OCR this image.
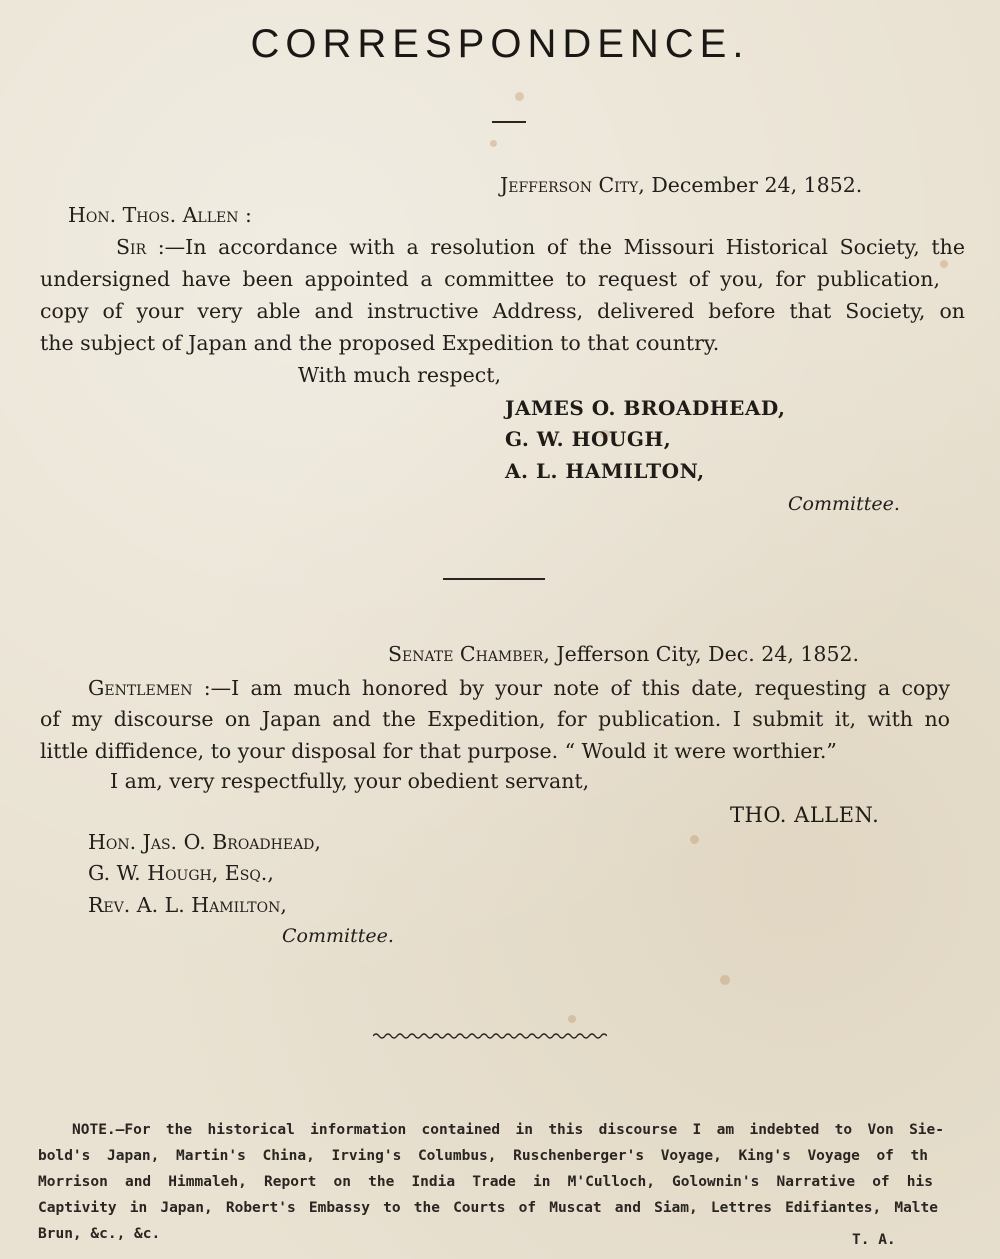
CORRESPONDENCE.
Jefferson City, December 24, 1852.
Hon. Thos. Allen :
Sir :—In accordance with a resolution of the Missouri Historical Society, the
undersigned have been appointed a committee to request of you, for publication,
copy of your very able and instructive Address, delivered before that Society, on
the subject of Japan and the proposed Expedition to that country.
With much respect,
JAMES O. BROADHEAD,
G. W. HOUGH,
A. L. HAMILTON,
Committee.
Senate Chamber, Jefferson City, Dec. 24, 1852.
Gentlemen :—I am much honored by your note of this date, requesting a copy
of my discourse on Japan and the Expedition, for publication. I submit it, with no
little diffidence, to your disposal for that purpose. “ Would it were worthier.”
I am, very respectfully, your obedient servant,
THO. ALLEN.
Hon. Jas. O. Broadhead,
G. W. Hough, Esq.,
Rev. A. L. Hamilton,
Committee.
NOTE.—For the historical information contained in this discourse I am indebted to Von Sie-
bold's Japan, Martin's China, Irving's Columbus, Ruschenberger's Voyage, King's Voyage of th
Morrison and Himmaleh, Report on the India Trade in M'Culloch, Golownin's Narrative of his
Captivity in Japan, Robert's Embassy to the Courts of Muscat and Siam, Lettres Edifiantes, Malte
Brun, &c., &c.	T. A.
